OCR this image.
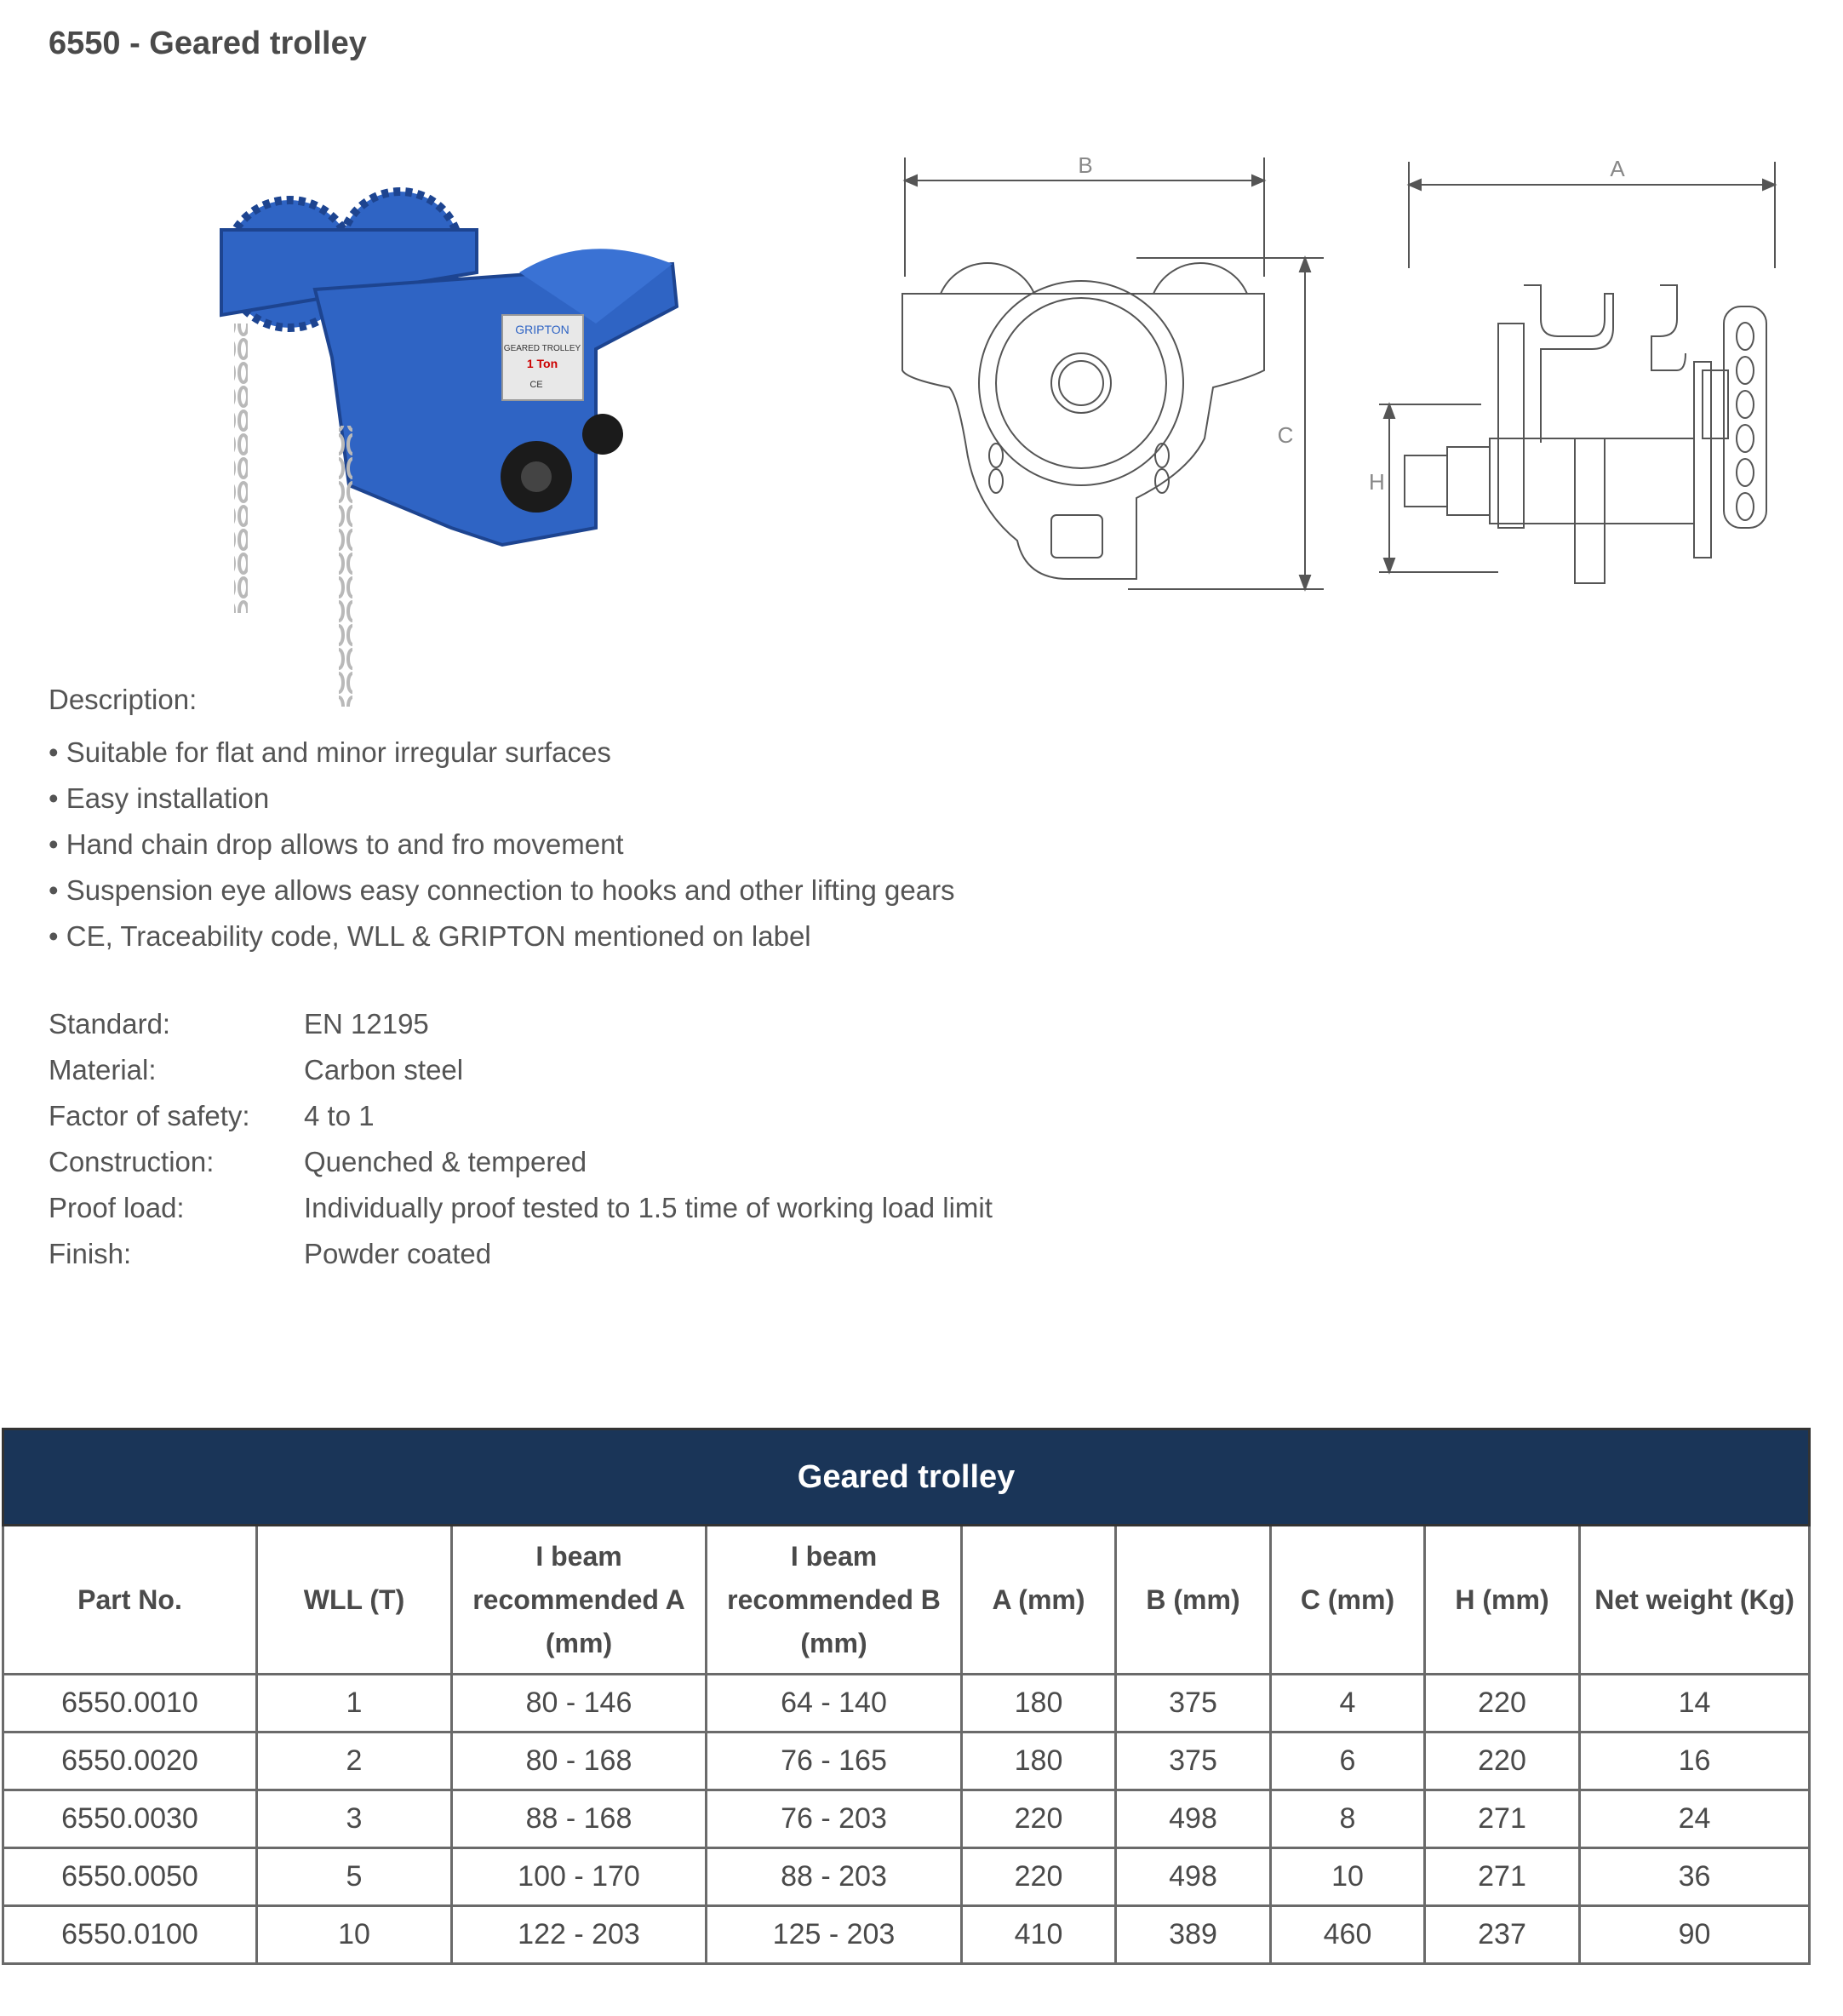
6550 - Geared trolley
GRIPTON
GEARED TROLLEY
1 Ton
CE
B
C
A
H
Description:
• Suitable for flat and minor irregular surfaces
• Easy installation
• Hand chain drop allows to and fro movement
• Suspension eye allows easy connection to hooks and other lifting gears
• CE, Traceability code, WLL & GRIPTON mentioned on label
Standard:	EN 12195
Material:	Carbon steel
Factor of safety: 4 to 1
Construction:	Quenched & tempered
Proof load:	Individually proof tested to 1.5 time of working load limit
Finish:	Powder coated
Geared trolley								
Part No.	WLL (T)	I beam
recommended A
(mm)	I beam
recommended B
(mm)	A (mm)	B (mm)	C (mm)	H (mm)	Net weight (Kg)
6550.0010	1	80 - 146	64 - 140	180	375	4	220	14
6550.0020	2	80 - 168	76 - 165	180	375	6	220	16
6550.0030	3	88 - 168	76 - 203	220	498	8	271	24
6550.0050	5	100 - 170	88 - 203	220	498	10	271	36
6550.0100	10	122 - 203	125 - 203	410	389	460	237	90
